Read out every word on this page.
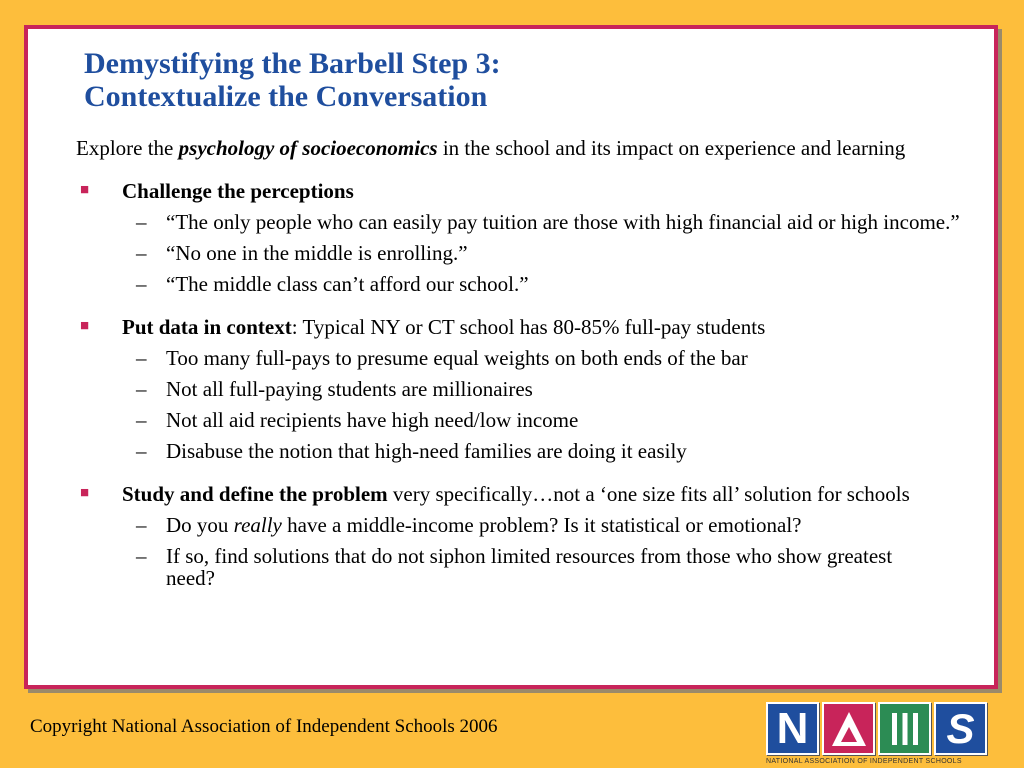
Demystifying the Barbell Step 3:
Contextualize the Conversation

Explore the psychology of socioeconomics in the school and its impact on experience and learning

■ Challenge the perceptions
– “The only people who can easily pay tuition are those with high financial aid or high income.”
– “No one in the middle is enrolling.”
– “The middle class can’t afford our school.”
■ Put data in context: Typical NY or CT school has 80-85% full-pay students
– Too many full-pays to presume equal weights on both ends of the bar
– Not all full-paying students are millionaires
– Not all aid recipients have high need/low income
– Disabuse the notion that high-need families are doing it easily
■ Study and define the problem very specifically…not a ‘one size fits all’ solution for schools
– Do you really have a middle-income problem? Is it statistical or emotional?
– If so, find solutions that do not siphon limited resources from those who show greatest need?
Copyright National Association of Independent Schools 2006	N	S
NATIONAL ASSOCIATION OF INDEPENDENT SCHOOLS
